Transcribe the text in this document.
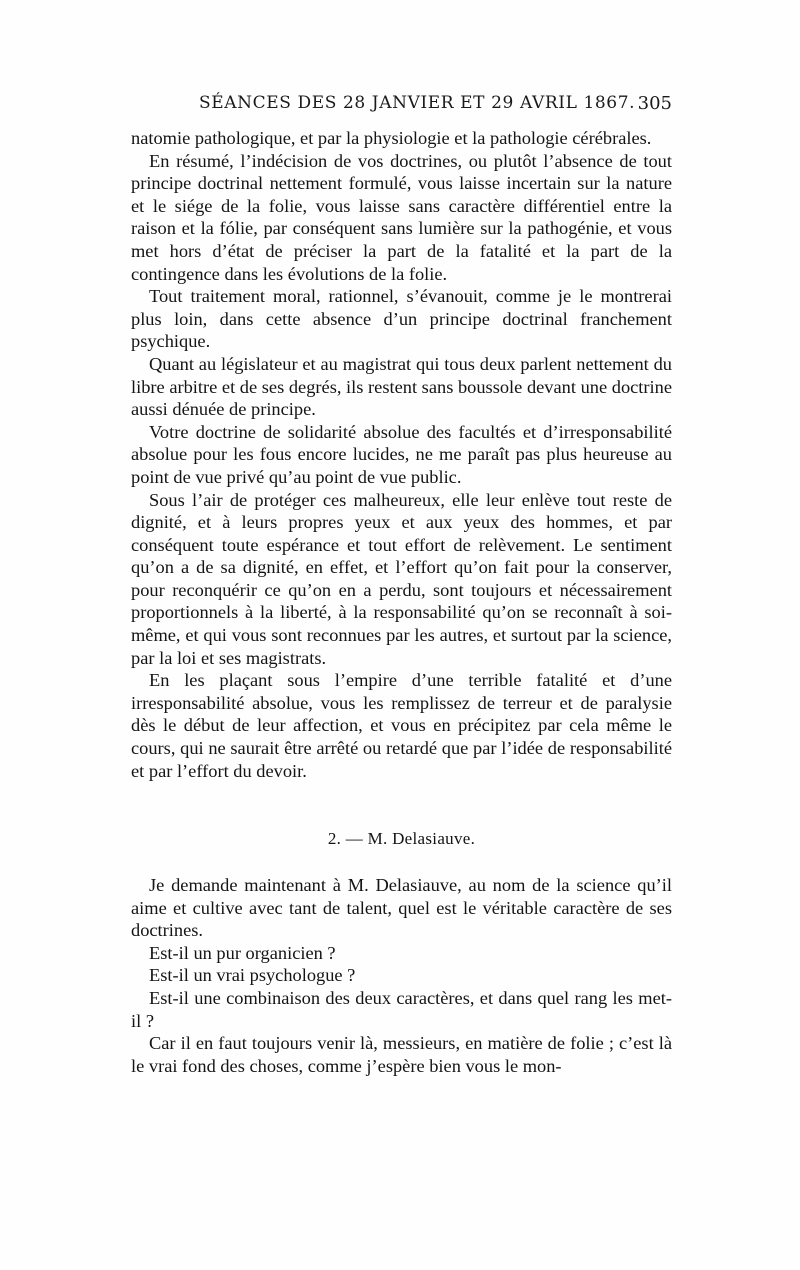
SÉANCES DES 28 JANVIER ET 29 AVRIL 1867. 305

natomie pathologique, et par la physiologie et la pathologie cérébrales.

En résumé, l’indécision de vos doctrines, ou plutôt l’absence de tout principe doctrinal nettement formulé, vous laisse incertain sur la nature et le siége de la folie, vous laisse sans caractère différentiel entre la raison et la fólie, par conséquent sans lumière sur la pathogénie, et vous met hors d’état de préciser la part de la fatalité et la part de la contingence dans les évolutions de la folie.

Tout traitement moral, rationnel, s’évanouit, comme je le montrerai plus loin, dans cette absence d’un principe doctrinal franchement psychique.

Quant au législateur et au magistrat qui tous deux parlent nettement du libre arbitre et de ses degrés, ils restent sans boussole devant une doctrine aussi dénuée de principe.

Votre doctrine de solidarité absolue des facultés et d’irresponsabilité absolue pour les fous encore lucides, ne me paraît pas plus heureuse au point de vue privé qu’au point de vue public.

Sous l’air de protéger ces malheureux, elle leur enlève tout reste de dignité, et à leurs propres yeux et aux yeux des hommes, et par conséquent toute espérance et tout effort de relèvement. Le sentiment qu’on a de sa dignité, en effet, et l’effort qu’on fait pour la conserver, pour reconquérir ce qu’on en a perdu, sont toujours et nécessairement proportionnels à la liberté, à la responsabilité qu’on se reconnaît à soi-même, et qui vous sont reconnues par les autres, et surtout par la science, par la loi et ses magistrats.

En les plaçant sous l’empire d’une terrible fatalité et d’une irresponsabilité absolue, vous les remplissez de terreur et de paralysie dès le début de leur affection, et vous en précipitez par cela même le cours, qui ne saurait être arrêté ou retardé que par l’idée de responsabilité et par l’effort du devoir.

2. — M. Delasiauve.

Je demande maintenant à M. Delasiauve, au nom de la science qu’il aime et cultive avec tant de talent, quel est le véritable caractère de ses doctrines.

Est-il un pur organicien ?

Est-il un vrai psychologue ?

Est-il une combinaison des deux caractères, et dans quel rang les met-il ?

Car il en faut toujours venir là, messieurs, en matière de folie ; c’est là le vrai fond des choses, comme j’espère bien vous le mon-
